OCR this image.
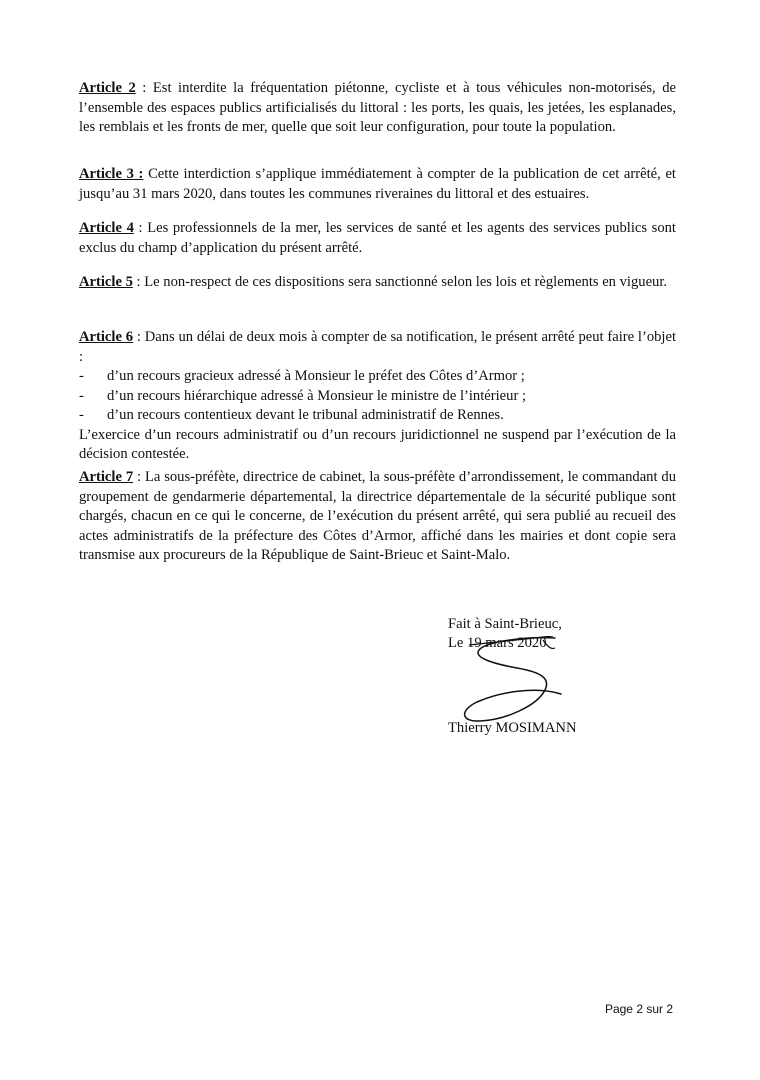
Article 2 : Est interdite la fréquentation piétonne, cycliste et à tous véhicules non-motorisés, de l’ensemble des espaces publics artificialisés du littoral : les ports, les quais, les jetées, les esplanades, les remblais et les fronts de mer, quelle que soit leur configuration, pour toute la population.

Article 3 : Cette interdiction s’applique immédiatement à compter de la publication de cet arrêté, et jusqu’au 31 mars 2020, dans toutes les communes riveraines du littoral et des estuaires.

Article 4 : Les professionnels de la mer, les services de santé et les agents des services publics sont exclus du champ d’application du présent arrêté.

Article 5 : Le non-respect de ces dispositions sera sanctionné selon les lois et règlements en vigueur.

Article 6 : Dans un délai de deux mois à compter de sa notification, le présent arrêté peut faire l’objet :
- d’un recours gracieux adressé à Monsieur le préfet des Côtes d’Armor ;
- d’un recours hiérarchique adressé à Monsieur le ministre de l’intérieur ;
- d’un recours contentieux devant le tribunal administratif de Rennes.
L’exercice d’un recours administratif ou d’un recours juridictionnel ne suspend par l’exécution de la décision contestée.

Article 7 : La sous-préfète, directrice de cabinet, la sous-préfète d’arrondissement, le commandant du groupement de gendarmerie départemental, la directrice départementale de la sécurité publique sont chargés, chacun en ce qui le concerne, de l’exécution du présent arrêté, qui sera publié au recueil des actes administratifs de la préfecture des Côtes d’Armor, affiché dans les mairies et dont copie sera transmise aux procureurs de la République de Saint-Brieuc et Saint-Malo.

Fait à Saint-Brieuc,

Le 19 mars 2020

Thierry MOSIMANN

Page 2 sur 2
